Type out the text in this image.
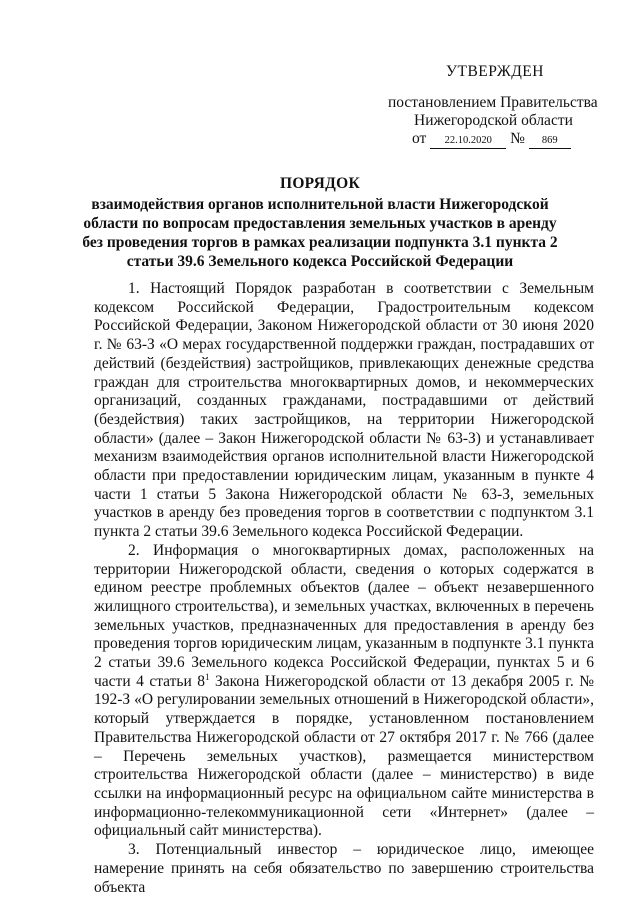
УТВЕРЖДЕН
постановлением Правительства
Нижегородской области
от 22.10.2020 № 869
ПОРЯДОК
взаимодействия органов исполнительной власти Нижегородской
области по вопросам предоставления земельных участков в аренду
без проведения торгов в рамках реализации подпункта 3.1 пункта 2
статьи 39.6 Земельного кодекса Российской Федерации

1. Настоящий Порядок разработан в соответствии с Земельным кодексом Российской Федерации, Градостроительным кодексом Российской Федерации, Законом Нижегородской области от 30 июня 2020 г. № 63-З «О мерах государственной поддержки граждан, пострадавших от действий (бездействия) застройщиков, привлекающих денежные средства граждан для строительства многоквартирных домов, и некоммерческих организаций, созданных гражданами, пострадавшими от действий (бездействия) таких застройщиков, на территории Нижегородской области» (далее – Закон Нижегородской области № 63-З) и устанавливает механизм взаимодействия органов исполнительной власти Нижегородской области при предоставлении юридическим лицам, указанным в пункте 4 части 1 статьи 5 Закона Нижегородской области № 63-З, земельных участков в аренду без проведения торгов в соответствии с подпунктом 3.1 пункта 2 статьи 39.6 Земельного кодекса Российской Федерации.

2. Информация о многоквартирных домах, расположенных на территории Нижегородской области, сведения о которых содержатся в едином реестре проблемных объектов (далее – объект незавершенного жилищного строительства), и земельных участках, включенных в перечень земельных участков, предназначенных для предоставления в аренду без проведения торгов юридическим лицам, указанным в подпункте 3.1 пункта 2 статьи 39.6 Земельного кодекса Российской Федерации, пунктах 5 и 6 части 4 статьи $8^1$ Закона Нижегородской области от 13 декабря 2005 г. № 192-З «О регулировании земельных отношений в Нижегородской области», который утверждается в порядке, установленном постановлением Правительства Нижегородской области от 27 октября 2017 г. № 766 (далее – Перечень земельных участков), размещается министерством строительства Нижегородской области (далее – министерство) в виде ссылки на информационный ресурс на официальном сайте министерства в информационно-телекоммуникационной сети «Интернет» (далее – официальный сайт министерства).

3. Потенциальный инвестор – юридическое лицо, имеющее намерение принять на себя обязательство по завершению строительства объекта
